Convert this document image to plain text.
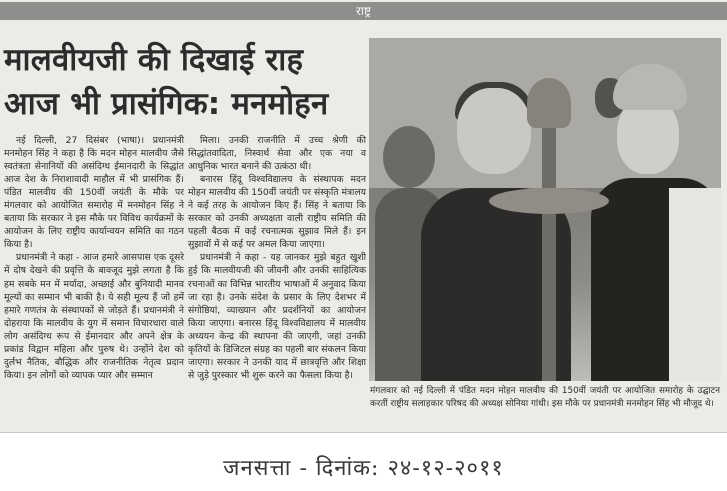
राष्ट्र
मालवीयजी की दिखाई राह
आज भी प्रासंगिक: मनमोहन

नई दिल्ली, 27 दिसंबर (भाषा)। प्रधानमंत्री मनमोहन सिंह ने कहा है कि मदन मोहन मालवीय जैसे स्वतंत्रता सेनानियों की असंदिग्ध ईमानदारी के सिद्धांत आज देश के निराशावादी माहौल में भी प्रासंगिक हैं। पंडित मालवीय की 150वीं जयंती के मौके पर मंगलवार को आयोजित समारोह में मनमोहन सिंह ने बताया कि सरकार ने इस मौके पर विविध कार्यक्रमों के आयोजन के लिए राष्ट्रीय कार्यान्वयन समिति का गठन किया है।

प्रधानमंत्री ने कहा - आज हमारे आसपास एक दूसरे में दोष देखने की प्रवृत्ति के बावजूद मुझे लगता है कि हम सबके मन में मर्यादा, अच्छाई और बुनियादी मानव मूल्यों का सम्मान भी बाकी है। ये सही मूल्य हैं जो हमें हमारे गणतंत्र के संस्थापकों से जोड़ते हैं। प्रधानमंत्री ने दोहराया कि मालवीय के युग में समान विचारधारा वाले लोग असंदिग्ध रूप से ईमानदार और अपने क्षेत्र के प्रकांड विद्वान महिला और पुरुष थे। उन्होंने देश को दुर्लभ नैतिक, बौद्धिक और राजनीतिक नेतृत्व प्रदान किया। इन लोगों को व्यापक प्यार और सम्मान

मिला। उनकी राजनीति में उच्च श्रेणी की सिद्धांतवादिता, निस्वार्थ सेवा और एक नया व आधुनिक भारत बनाने की उत्कंठा थी।

बनारस हिंदू विश्वविद्यालय के संस्थापक मदन मोहन मालवीय की 150वीं जयंती पर संस्कृति मंत्रालय ने कई तरह के आयोजन किए हैं। सिंह ने बताया कि सरकार को उनकी अध्यक्षता वाली राष्ट्रीय समिति की पहली बैठक में कई रचनात्मक सुझाव मिले हैं। इन सुझावों में से कई पर अमल किया जाएगा।

प्रधानमंत्री ने कहा - यह जानकर मुझे बहुत खुशी हुई कि मालवीयजी की जीवनी और उनकी साहित्यिक रचनाओं का विभिन्न भारतीय भाषाओं में अनुवाद किया जा रहा है। उनके संदेश के प्रसार के लिए देशभर में संगोष्ठियां, व्याख्यान और प्रदर्शनियों का आयोजन किया जाएगा। बनारस हिंदू विश्वविद्यालय में मालवीय अध्ययन केन्द्र की स्थापना की जाएगी, जहां उनकी कृतियों के डिजिटल संग्रह का पहली बार संकलन किया जाएगा। सरकार ने उनकी याद में छात्रवृत्ति और शिक्षा से जुड़े पुरस्कार भी शुरू करने का फैसला किया है।	ए.पी.
मंगलवार को नई दिल्ली में पंडित मदन मोहन मालवीय की 150वीं जयंती पर आयोजित समारोह के उद्घाटन करतीं राष्ट्रीय सलाहकार परिषद की अध्यक्ष सोनिया गांधी। इस मौके पर प्रधानमंत्री मनमोहन सिंह भी मौजूद थे।
जनसत्ता - दिनांक: २४-१२-२०११
